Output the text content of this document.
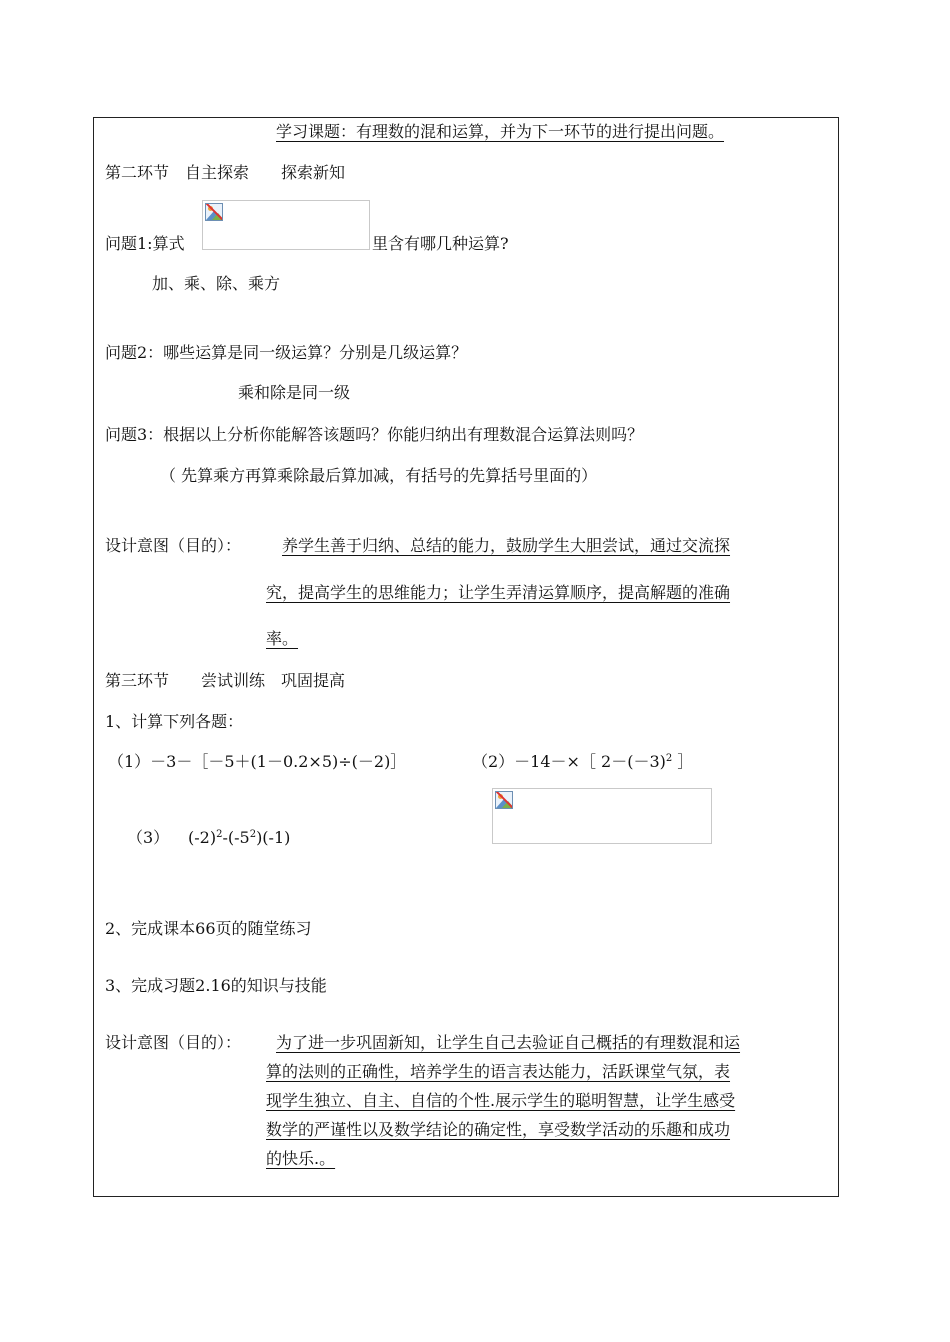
学习课题：有理数的混和运算，并为下一环节的进行提出问题。
第二环节　自主探索　　探索新知
问题1:算式	里含有哪几种运算?
加、乘、除、乘方
问题2：哪些运算是同一级运算？分别是几级运算？
乘和除是同一级
问题3：根据以上分析你能解答该题吗？你能归纳出有理数混合运算法则吗？
（ 先算乘方再算乘除最后算加减，有括号的先算括号里面的）
设计意图（目的）：	养学生善于归纳、总结的能力，鼓励学生大胆尝试，通过交流探
究，提高学生的思维能力；让学生弄清运算顺序，提高解题的准确
率。
第三环节　　尝试训练　巩固提高
1、计算下列各题：
（1）－3－［－5＋(1－0.2×5)÷(－2)］	（2）－14－×［ $2-(-3)^2$ ］
（3） $(-2)^2-(-5^2)(-1)$
2、完成课本66页的随堂练习
3、完成习题2.16的知识与技能
设计意图（目的）： 为了进一步巩固新知，让学生自己去验证自己概括的有理数混和运
算的法则的正确性，培养学生的语言表达能力，活跃课堂气氛，表
现学生独立、自主、自信的个性.展示学生的聪明智慧，让学生感受
数学的严谨性以及数学结论的确定性，享受数学活动的乐趣和成功
的快乐.。
